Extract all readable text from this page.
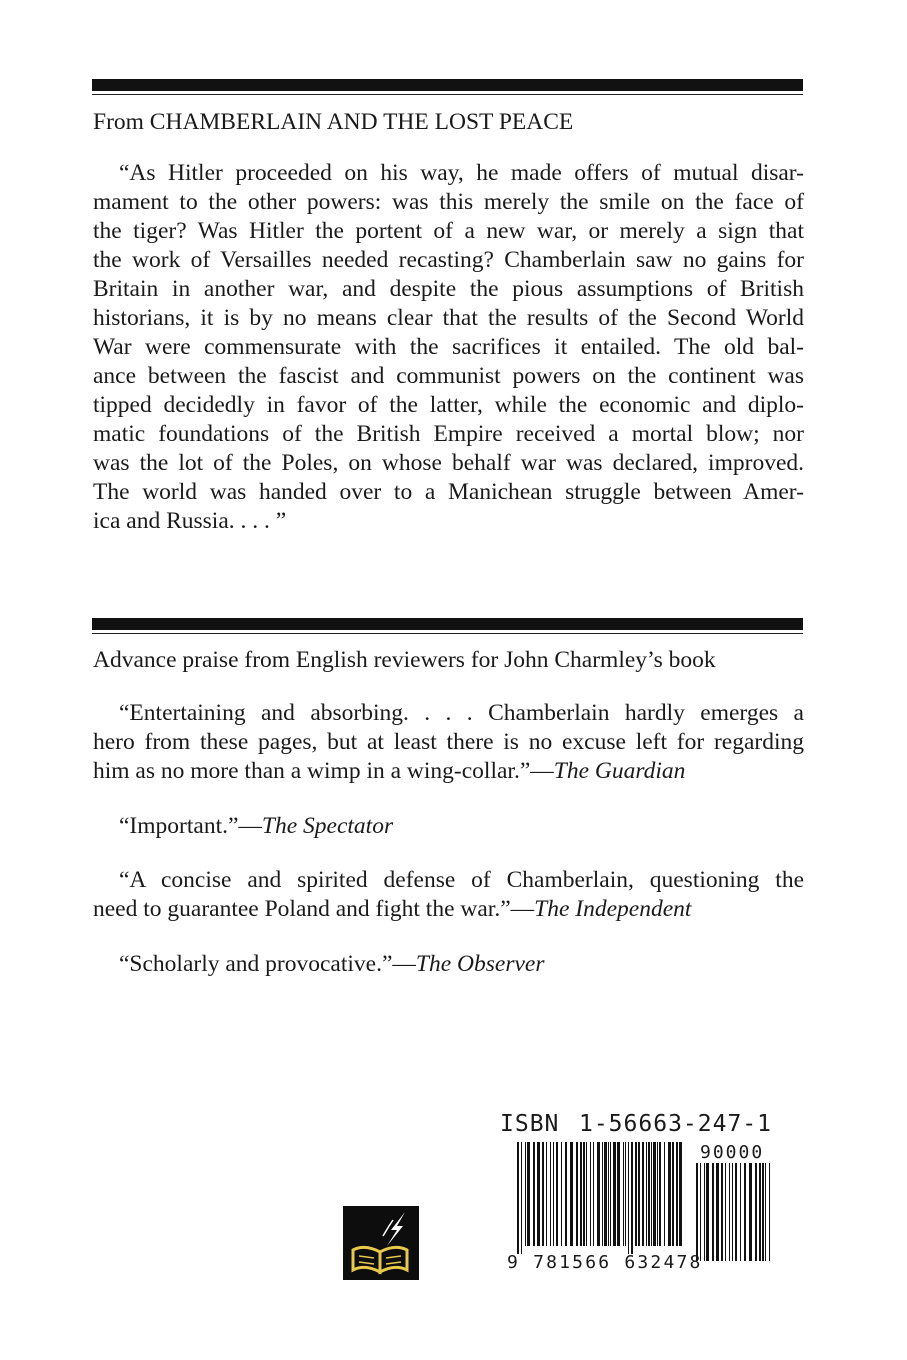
From CHAMBERLAIN AND THE LOST PEACE
“As Hitler proceeded on his way, he made offers of mutual disar-
mament to the other powers: was this merely the smile on the face of
the tiger? Was Hitler the portent of a new war, or merely a sign that
the work of Versailles needed recasting? Chamberlain saw no gains for
Britain in another war, and despite the pious assumptions of British
historians, it is by no means clear that the results of the Second World
War were commensurate with the sacrifices it entailed. The old bal-
ance between the fascist and communist powers on the continent was
tipped decidedly in favor of the latter, while the economic and diplo-
matic foundations of the British Empire received a mortal blow; nor
was the lot of the Poles, on whose behalf war was declared, improved.
The world was handed over to a Manichean struggle between Amer-
ica and Russia. . . . ”
Advance praise from English reviewers for John Charmley’s book
“Entertaining and absorbing. . . . Chamberlain hardly emerges a
hero from these pages, but at least there is no excuse left for regarding
him as no more than a wimp in a wing-collar.”—The Guardian
“Important.”—The Spectator
“A concise and spirited defense of Chamberlain, questioning the
need to guarantee Poland and fight the war.”—The Independent
“Scholarly and provocative.”—The Observer
ISBN 1-56663-247-1
90000
9 781566 632478
